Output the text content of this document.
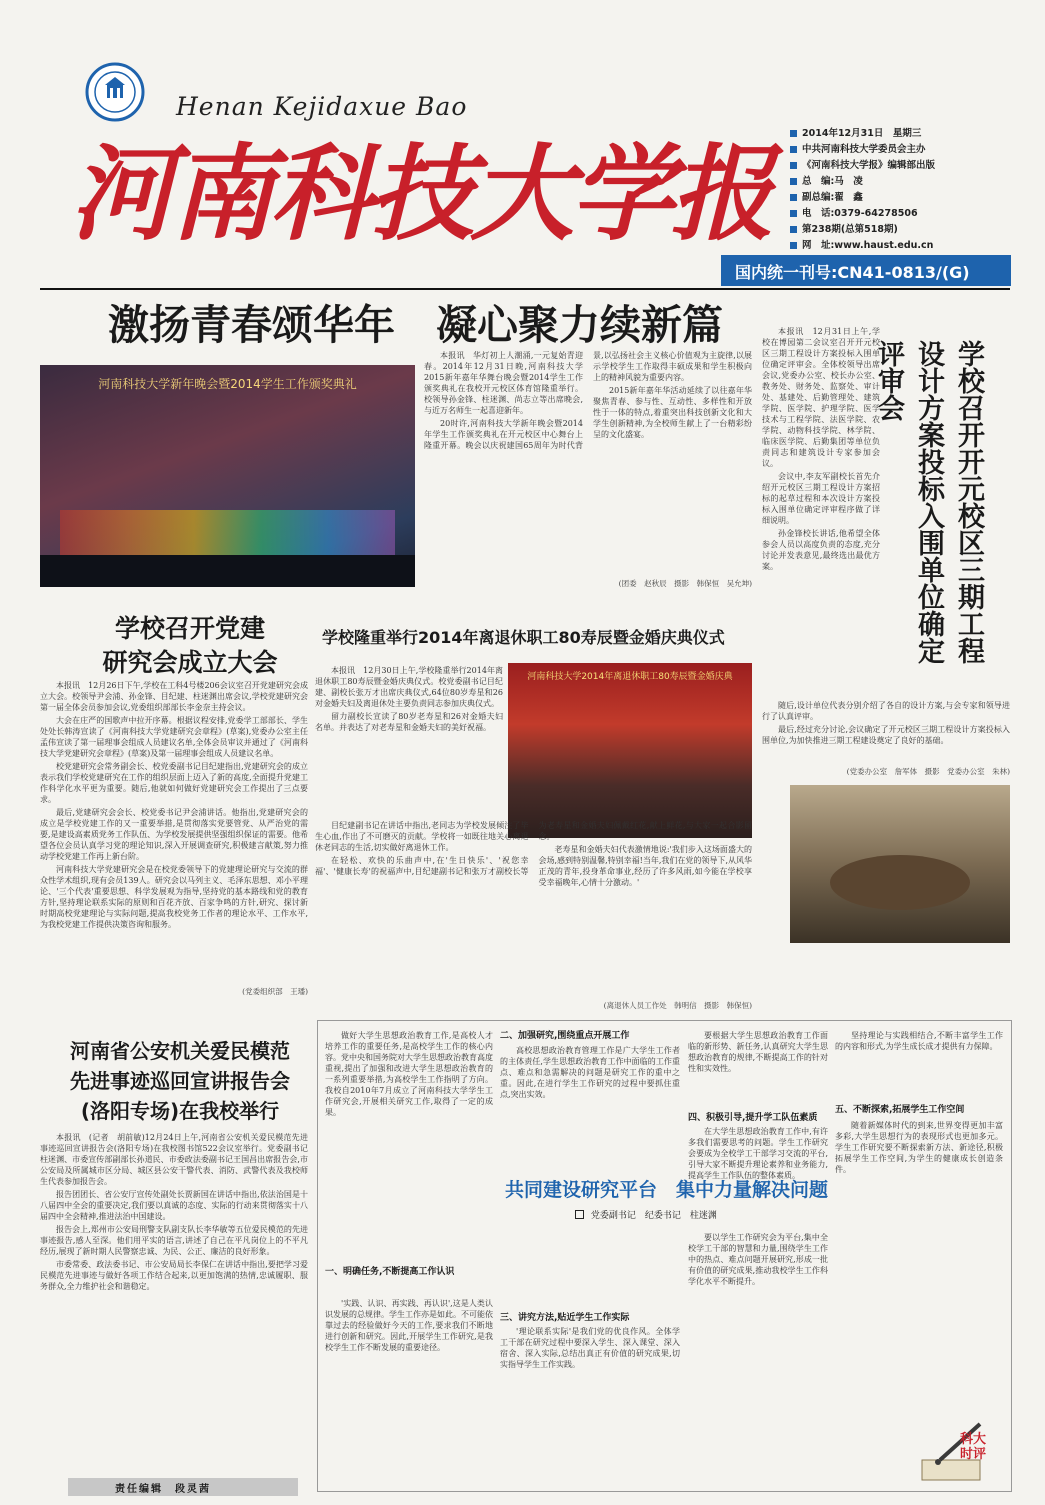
Henan Kejidaxue Bao
河南科技大学报	2014年12月31日　星期三
中共河南科技大学委员会主办
《河南科技大学报》编辑部出版
总　编:马　凌
副总编:翟　鑫
电　话:0379-64278506
第238期(总第518期)
网　址:www.haust.edu.cn
国内统一刊号:CN41-0813/(G)
激扬青春颂华年　凝心聚力续新篇
河南科技大学新年晚会暨2014学生工作颁奖典礼

本报讯　华灯初上人潮涌,一元复始青迎春。2014年12月31日晚,河南科技大学2015新年嘉年华舞台晚会暨2014学生工作颁奖典礼在我校开元校区体育馆隆重举行。校领导孙金锋、柱迷渊、尚志立等出席晚会,与近万名师生一起喜迎新年。

20时许,河南科技大学新年晚会暨2014年学生工作颁奖典礼在开元校区中心舞台上隆重开幕。晚会以庆祝建国65周年为时代背景,以弘扬社会主义核心价值观为主旋律,以展示学校学生工作取得丰硕成果和学生积极向上的精神风貌为重要内容。

2015新年嘉年华活动延续了以往嘉年华聚焦青春、参与性、互动性、多样性和开放性于一体的特点,着重突出科技创新文化和大学生创新精神,为全校师生献上了一台精彩纷呈的文化盛宴。

(团委　赵秋辰　摄影　韩保恒　吴允坤)

本报讯　12月31日上午,学校在博园第二会议室召开开元校区三期工程设计方案投标入围单位确定评审会。全体校领导出席会议,党委办公室、校长办公室、教务处、财务处、监察处、审计处、基建处、后勤管理处、建筑学院、医学院、护理学院、医学技术与工程学院、法医学院、农学院、动物科技学院、林学院、临床医学院、后勤集团等单位负责同志和建筑设计专家参加会议。

会议中,李友军副校长首先介绍开元校区三期工程设计方案招标的起草过程和本次设计方案投标入围单位确定评审程序做了详细说明。

孙金锋校长讲话,他希望全体参会人员以高度负责的态度,充分讨论并发表意见,最终选出最优方案。	学校召开开元校区三期工程设计方案投标入围单位确定评审会

随后,设计单位代表分别介绍了各自的设计方案,与会专家和领导进行了认真评审。

最后,经过充分讨论,会议确定了开元校区三期工程设计方案投标入围单位,为加快推进三期工程建设奠定了良好的基础。

(党委办公室　詹军体　摄影　党委办公室　朱林)
学校召开党建
研究会成立大会

本报讯　12月26日下午,学校在工科4号楼206会议室召开党建研究会成立大会。校领导尹会浦、孙金锋、目纪建、柱迷渊出席会议,学校党建研究会第一届全体会员参加会议,党委组织部部长李金奈主持会议。

大会在庄严的国歌声中拉开序幕。根据议程安排,党委学工部部长、学生处处长韩涛宣读了《河南科技大学党建研究会章程》(草案),党委办公室主任孟伟宣读了第一届理事会组成人员建议名单,全体会员审议并通过了《河南科技大学党建研究会章程》(草案)及第一届理事会组成人员建议名单。

校党建研究会常务副会长、校党委副书记目纪建指出,党建研究会的成立表示我们学校党建研究在工作的组织层面上迈入了新的高度,全面提升党建工作科学化水平更为重要。随后,他就如何做好党建研究会工作提出了三点要求。

最后,党建研究会会长、校党委书记尹会浦讲话。他指出,党建研究会的成立是学校党建工作的又一重要举措,是贯彻落实党要管党、从严治党的需要,是建设高素质党务工作队伍、为学校发展提供坚强组织保证的需要。他希望各位会员认真学习党的理论知识,深入开展调查研究,积极建言献策,努力推动学校党建工作再上新台阶。

河南科技大学党建研究会是在校党委领导下的党建理论研究与交流的群众性学术组织,现有会员139人。研究会以马列主义、毛泽东思想、邓小平理论、'三个代表'重要思想、科学发展观为指导,坚持党的基本路线和党的教育方针,坚持理论联系实际的原则和百花齐放、百家争鸣的方针,研究、探讨新时期高校党建理论与实际问题,提高我校党务工作者的理论水平、工作水平,为我校党建工作提供决策咨询和服务。

(党委组织部　王璠)
学校隆重举行2014年离退休职工80寿辰暨金婚庆典仪式

本报讯　12月30日上午,学校隆重举行2014年离退休职工80寿辰暨金婚庆典仪式。校党委副书记目纪建、副校长张万才出席庆典仪式,64位80岁寿星和26对金婚夫妇及离退休处主要负责同志参加庆典仪式。

留力副校长宣读了80岁老寿星和26对金婚夫妇名单。并表达了对老寿星和金婚夫妇的美好祝福。

河南科技大学2014年离退休职工80寿辰暨金婚庆典

目纪建副书记在讲话中指出,老同志为学校发展倾注了毕生心血,作出了不可磨灭的贡献。学校将一如既往地关心离退休老同志的生活,切实做好离退休工作。

在轻松、欢快的乐曲声中,在'生日快乐'、'祝您幸福'、'健康长寿'的祝福声中,目纪建副书记和张万才副校长等为老寿星和金婚夫妇佩戴红花,献上鲜花,与大家一起合影留念。

老寿星和金婚夫妇代表激情地说:'我们步入这场面盛大的会场,感到特别温馨,特别幸福!当年,我们在党的领导下,从风华正茂的青年,投身革命事业,经历了许多风雨,如今能在学校享受幸福晚年,心情十分激动。'

(离退休人员工作处　韩明信　摄影　韩保恒)
河南省公安机关爱民模范
先进事迹巡回宣讲报告会
(洛阳专场)在我校举行

本报讯　(记者　胡前敏)12月24日上午,河南省公安机关爱民模范先进事迹巡回宣讲报告会(洛阳专场)在我校图书馆522会议室举行。党委副书记柱迷渊、市委宣传部副部长孙道民、市委政法委副书记王国昌出席报告会,市公安局及所属城市区分局、城区县公安干警代表、消防、武警代表及我校师生代表参加报告会。

报告团团长、省公安厅宣传处副处长贾新国在讲话中指出,依法治国是十八届四中全会的重要决定,我们要以真诚的态度、实际的行动来贯彻落实十八届四中全会精神,推进法治中国建设。

报告会上,郑州市公安局刑警支队副支队长李华敏等五位爱民模范的先进事迹报告,感人至深。他们用平实的语言,讲述了自己在平凡岗位上的不平凡经历,展现了新时期人民警察忠诚、为民、公正、廉洁的良好形象。

市委常委、政法委书记、市公安局局长李保仁在讲话中指出,要把学习爱民模范先进事迹与做好各项工作结合起来,以更加饱满的热情,忠诚履职、服务群众,全力维护社会和谐稳定。

责任编辑　段灵茜

做好大学生思想政治教育工作,是高校人才培养工作的重要任务,是高校学生工作的核心内容。党中央和国务院对大学生思想政治教育高度重视,提出了加强和改进大学生思想政治教育的一系列重要举措,为高校学生工作指明了方向。我校自2010年7月成立了河南科技大学学生工作研究会,开展相关研究工作,取得了一定的成果。

一、明确任务,不断提高工作认识

'实践、认识、再实践、再认识',这是人类认识发展的总规律。学生工作亦是如此。不可能依靠过去的经验做好今天的工作,要求我们不断地进行创新和研究。因此,开展学生工作研究,是我校学生工作不断发展的重要途径。

二、加强研究,围绕重点开展工作

高校思想政治教育管理工作是广大学生工作者的主体责任,学生思想政治教育工作中面临的工作重点、难点和急需解决的问题是研究工作的重中之重。因此,在进行学生工作研究的过程中要抓住重点,突出实效。

共同建设研究平台　集中力量解决问题
党委副书记　纪委书记　柱迷渊
三、讲究方法,贴近学生工作实际

'理论联系实际'是我们党的优良作风。全体学工干部在研究过程中要深入学生、深入课堂、深入宿舍、深入实际,总结出真正有价值的研究成果,切实指导学生工作实践。

要根据大学生思想政治教育工作面临的新形势、新任务,认真研究大学生思想政治教育的规律,不断提高工作的针对性和实效性。

四、积极引导,提升学工队伍素质

在大学生思想政治教育工作中,有许多我们需要思考的问题。学生工作研究会要成为全校学工干部学习交流的平台,引导大家不断提升理论素养和业务能力,提高学生工作队伍的整体素质。

要以学生工作研究会为平台,集中全校学工干部的智慧和力量,围绕学生工作中的热点、难点问题开展研究,形成一批有价值的研究成果,推动我校学生工作科学化水平不断提升。

坚持理论与实践相结合,不断丰富学生工作的内容和形式,为学生成长成才提供有力保障。

五、不断探索,拓展学生工作空间

随着新媒体时代的到来,世界变得更加丰富多彩,大学生思想行为的表现形式也更加多元。学生工作研究要不断探索新方法、新途径,积极拓展学生工作空间,为学生的健康成长创造条件。

科大
时评
